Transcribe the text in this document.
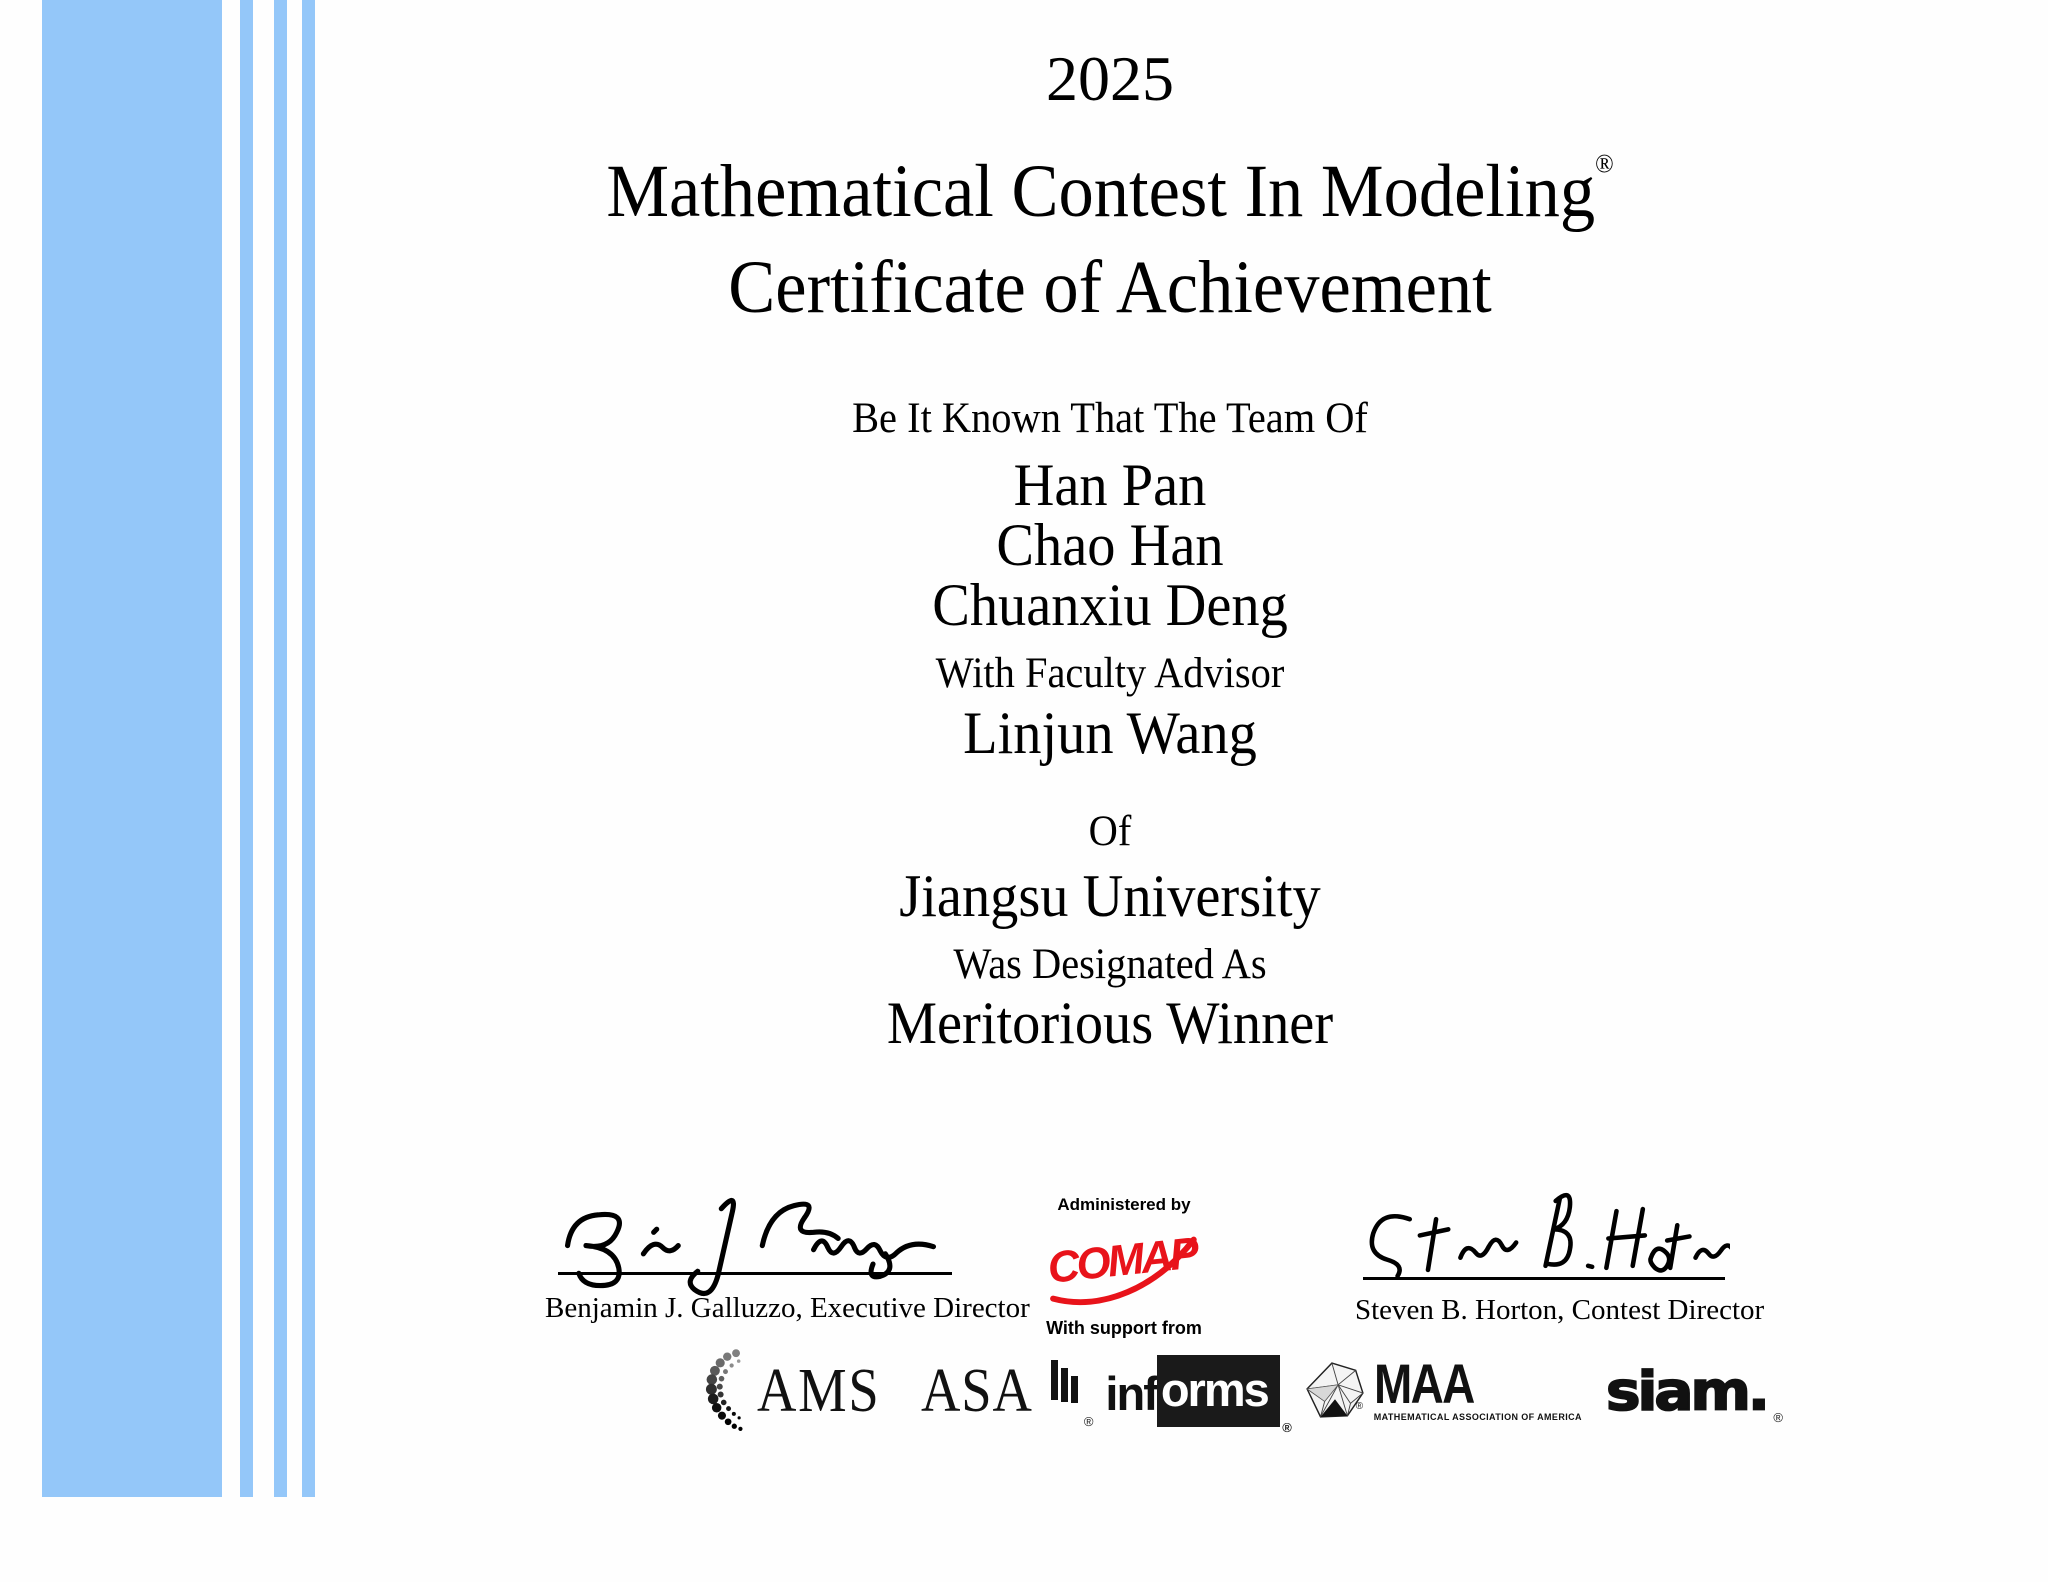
2025
Mathematical Contest In Modeling®
Certificate of Achievement
Be It Known That The Team Of
Han Pan
Chao Han
Chuanxiu Deng
With Faculty Advisor
Linjun Wang
Of
Jiangsu University
Was Designated As
Meritorious Winner
Benjamin J. Galluzzo, Executive Director
Administered by
COMAP
With support from
Steven B. Horton, Contest Director
AMS ASA	®
inf orms
®
MAA
MATHEMATICAL ASSOCIATION OF AMERICA
®	siam. ®
